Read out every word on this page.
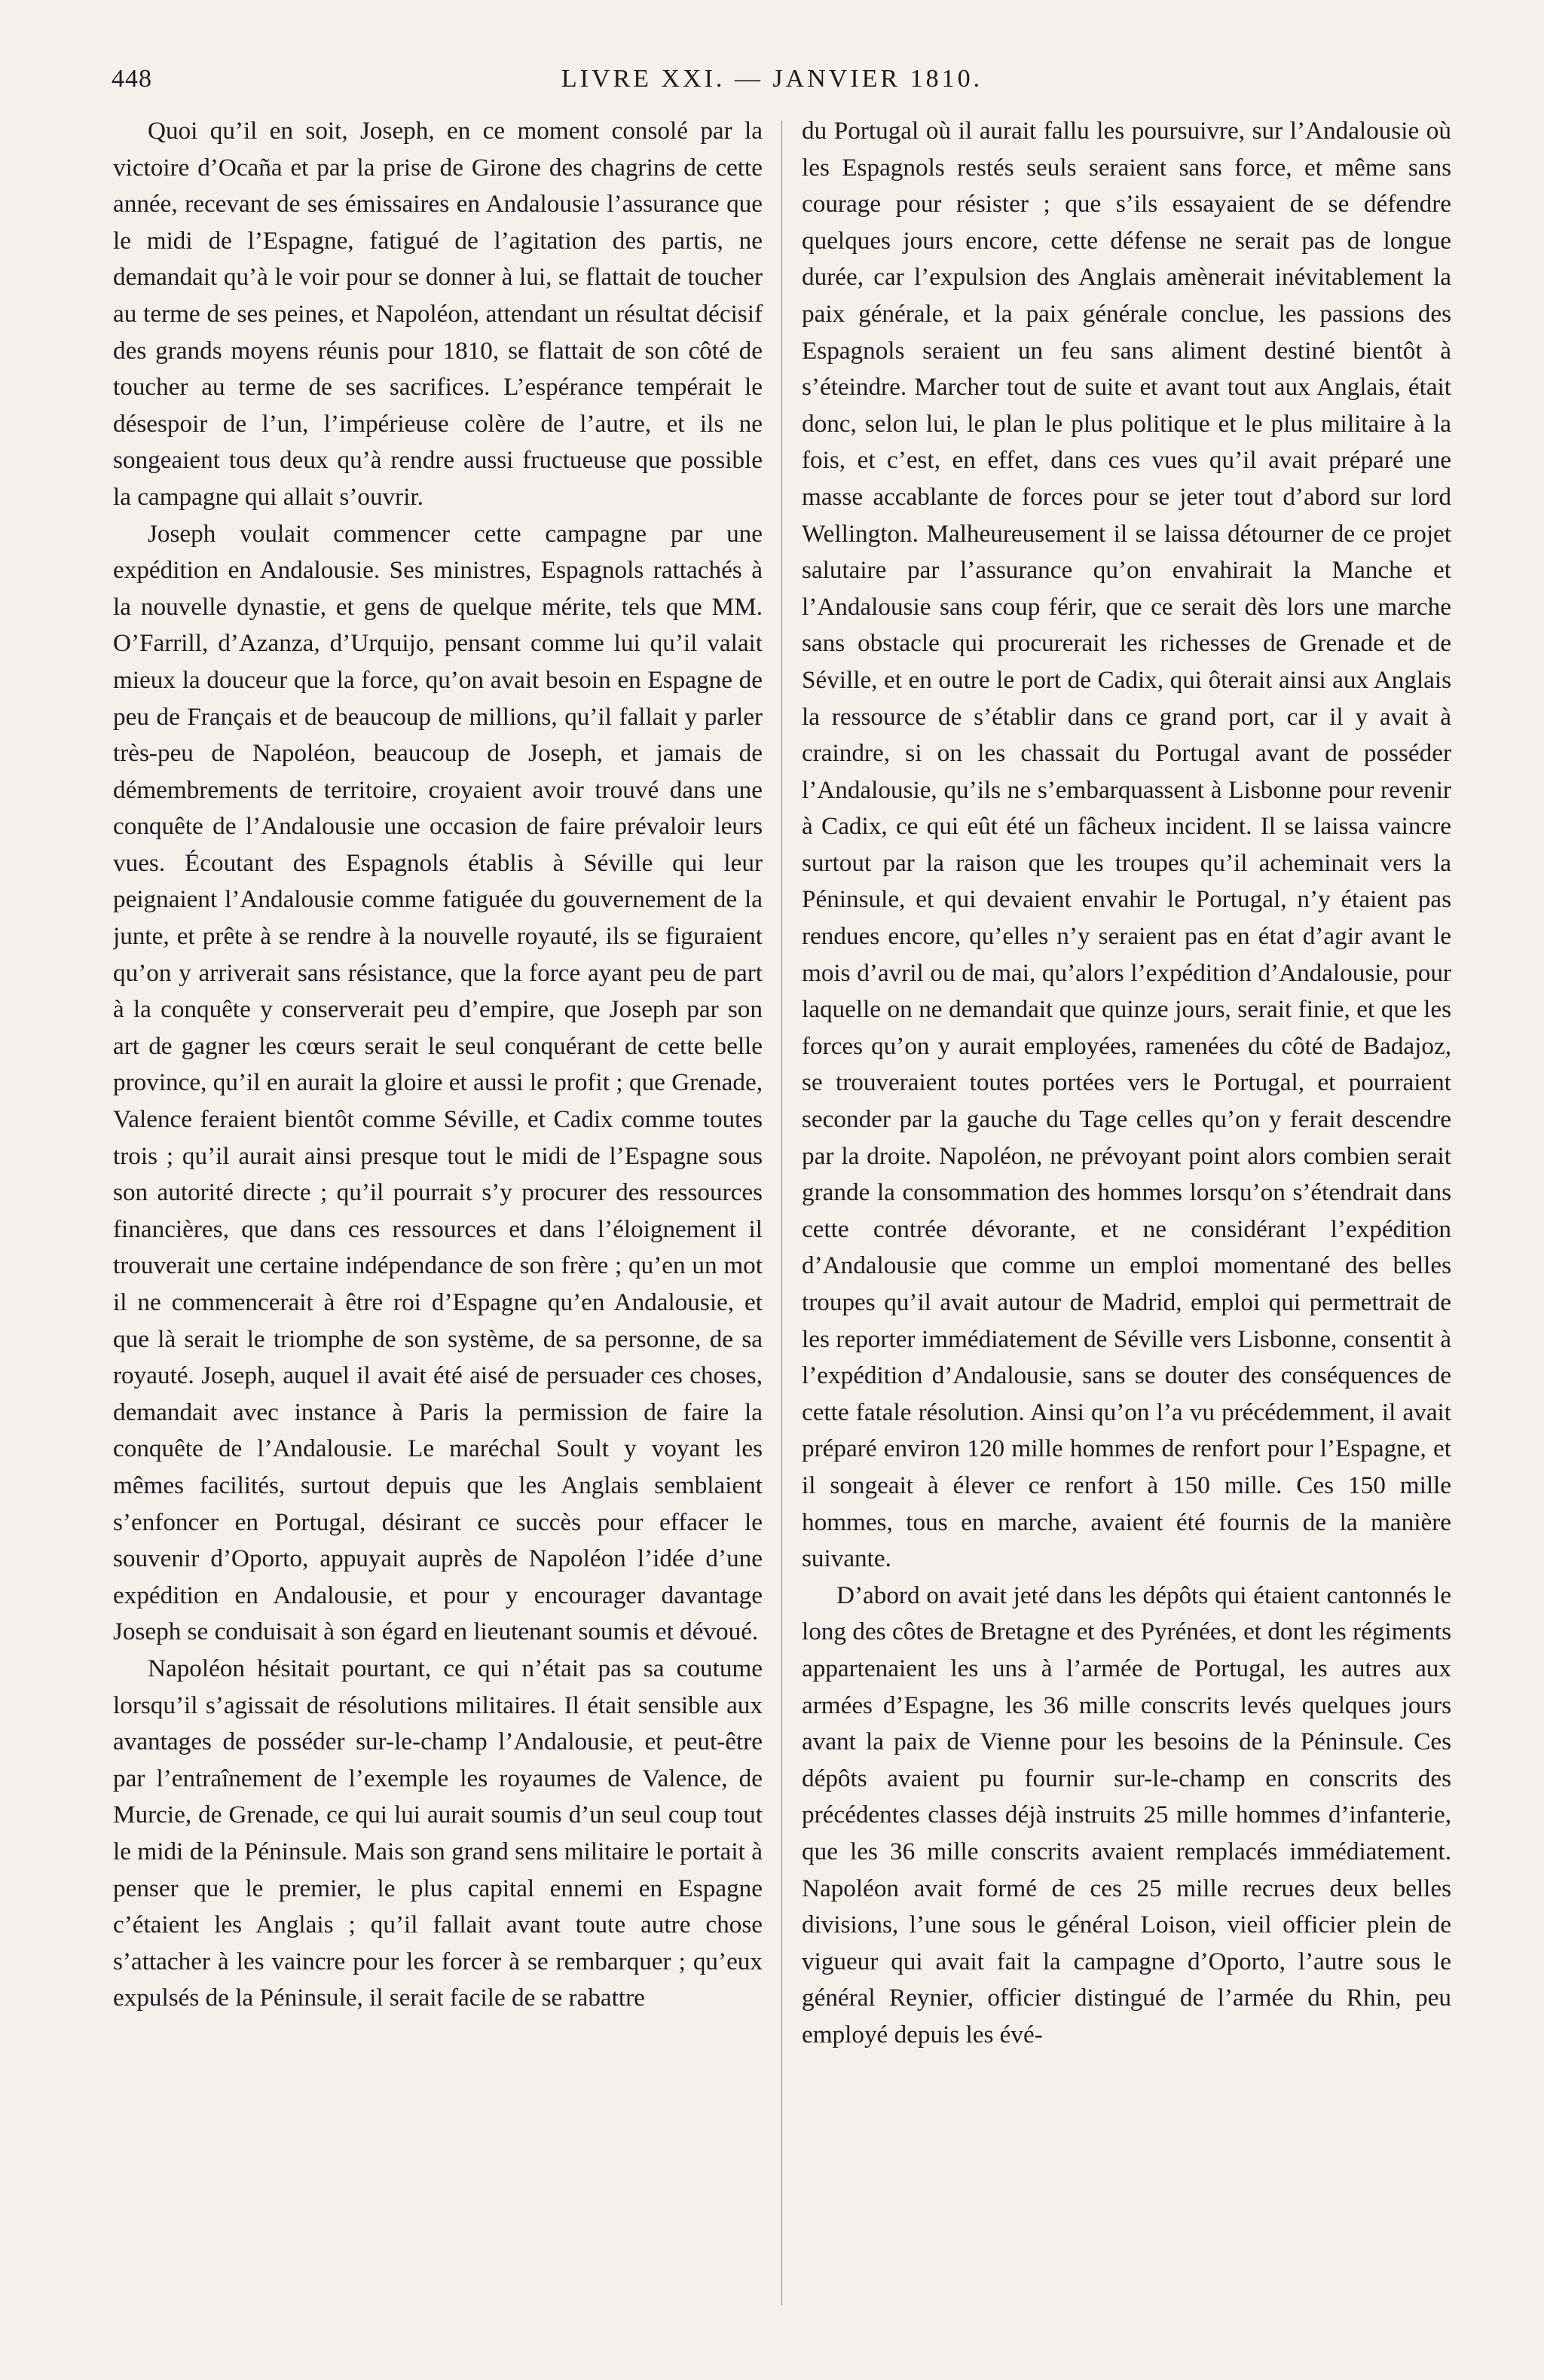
448	LIVRE XXI. — JANVIER 1810.

Quoi qu’il en soit, Joseph, en ce moment consolé par la victoire d’Ocaña et par la prise de Girone des chagrins de cette année, recevant de ses émissaires en Andalousie l’assurance que le midi de l’Espagne, fatigué de l’agitation des partis, ne demandait qu’à le voir pour se donner à lui, se flattait de toucher au terme de ses peines, et Napoléon, attendant un résultat décisif des grands moyens réunis pour 1810, se flattait de son côté de toucher au terme de ses sacrifices. L’espérance tempérait le désespoir de l’un, l’impérieuse colère de l’autre, et ils ne songeaient tous deux qu’à rendre aussi fructueuse que possible la campagne qui allait s’ouvrir.

Joseph voulait commencer cette campagne par une expédition en Andalousie. Ses ministres, Espagnols rattachés à la nouvelle dynastie, et gens de quelque mérite, tels que MM. O’Farrill, d’Azanza, d’Urquijo, pensant comme lui qu’il valait mieux la douceur que la force, qu’on avait besoin en Espagne de peu de Français et de beaucoup de millions, qu’il fallait y parler très-peu de Napoléon, beaucoup de Joseph, et jamais de démembrements de territoire, croyaient avoir trouvé dans une conquête de l’Andalousie une occasion de faire prévaloir leurs vues. Écoutant des Espagnols établis à Séville qui leur peignaient l’Andalousie comme fatiguée du gouvernement de la junte, et prête à se rendre à la nouvelle royauté, ils se figuraient qu’on y arriverait sans résistance, que la force ayant peu de part à la conquête y conserverait peu d’empire, que Joseph par son art de gagner les cœurs serait le seul conquérant de cette belle province, qu’il en aurait la gloire et aussi le profit ; que Grenade, Valence feraient bientôt comme Séville, et Cadix comme toutes trois ; qu’il aurait ainsi presque tout le midi de l’Espagne sous son autorité directe ; qu’il pourrait s’y procurer des ressources financières, que dans ces ressources et dans l’éloignement il trouverait une certaine indépendance de son frère ; qu’en un mot il ne commencerait à être roi d’Espagne qu’en Andalousie, et que là serait le triomphe de son système, de sa personne, de sa royauté. Joseph, auquel il avait été aisé de persuader ces choses, demandait avec instance à Paris la permission de faire la conquête de l’Andalousie. Le maréchal Soult y voyant les mêmes facilités, surtout depuis que les Anglais semblaient s’enfoncer en Portugal, désirant ce succès pour effacer le souvenir d’Oporto, appuyait auprès de Napoléon l’idée d’une expédition en Andalousie, et pour y encourager davantage Joseph se conduisait à son égard en lieutenant soumis et dévoué.

Napoléon hésitait pourtant, ce qui n’était pas sa coutume lorsqu’il s’agissait de résolutions militaires. Il était sensible aux avantages de posséder sur-le-champ l’Andalousie, et peut-être par l’entraînement de l’exemple les royaumes de Valence, de Murcie, de Grenade, ce qui lui aurait soumis d’un seul coup tout le midi de la Péninsule. Mais son grand sens militaire le portait à penser que le premier, le plus capital ennemi en Espagne c’étaient les Anglais ; qu’il fallait avant toute autre chose s’attacher à les vaincre pour les forcer à se rembarquer ; qu’eux expulsés de la Péninsule, il serait facile de se rabattre

du Portugal où il aurait fallu les poursuivre, sur l’Andalousie où les Espagnols restés seuls seraient sans force, et même sans courage pour résister ; que s’ils essayaient de se défendre quelques jours encore, cette défense ne serait pas de longue durée, car l’expulsion des Anglais amènerait inévitablement la paix générale, et la paix générale conclue, les passions des Espagnols seraient un feu sans aliment destiné bientôt à s’éteindre. Marcher tout de suite et avant tout aux Anglais, était donc, selon lui, le plan le plus politique et le plus militaire à la fois, et c’est, en effet, dans ces vues qu’il avait préparé une masse accablante de forces pour se jeter tout d’abord sur lord Wellington. Malheureusement il se laissa détourner de ce projet salutaire par l’assurance qu’on envahirait la Manche et l’Andalousie sans coup férir, que ce serait dès lors une marche sans obstacle qui procurerait les richesses de Grenade et de Séville, et en outre le port de Cadix, qui ôterait ainsi aux Anglais la ressource de s’établir dans ce grand port, car il y avait à craindre, si on les chassait du Portugal avant de posséder l’Andalousie, qu’ils ne s’embarquassent à Lisbonne pour revenir à Cadix, ce qui eût été un fâcheux incident. Il se laissa vaincre surtout par la raison que les troupes qu’il acheminait vers la Péninsule, et qui devaient envahir le Portugal, n’y étaient pas rendues encore, qu’elles n’y seraient pas en état d’agir avant le mois d’avril ou de mai, qu’alors l’expédition d’Andalousie, pour laquelle on ne demandait que quinze jours, serait finie, et que les forces qu’on y aurait employées, ramenées du côté de Badajoz, se trouveraient toutes portées vers le Portugal, et pourraient seconder par la gauche du Tage celles qu’on y ferait descendre par la droite. Napoléon, ne prévoyant point alors combien serait grande la consommation des hommes lorsqu’on s’étendrait dans cette contrée dévorante, et ne considérant l’expédition d’Andalousie que comme un emploi momentané des belles troupes qu’il avait autour de Madrid, emploi qui permettrait de les reporter immédiatement de Séville vers Lisbonne, consentit à l’expédition d’Andalousie, sans se douter des conséquences de cette fatale résolution. Ainsi qu’on l’a vu précédemment, il avait préparé environ 120 mille hommes de renfort pour l’Espagne, et il songeait à élever ce renfort à 150 mille. Ces 150 mille hommes, tous en marche, avaient été fournis de la manière suivante.

D’abord on avait jeté dans les dépôts qui étaient cantonnés le long des côtes de Bretagne et des Pyrénées, et dont les régiments appartenaient les uns à l’armée de Portugal, les autres aux armées d’Espagne, les 36 mille conscrits levés quelques jours avant la paix de Vienne pour les besoins de la Péninsule. Ces dépôts avaient pu fournir sur-le-champ en conscrits des précédentes classes déjà instruits 25 mille hommes d’infanterie, que les 36 mille conscrits avaient remplacés immédiatement. Napoléon avait formé de ces 25 mille recrues deux belles divisions, l’une sous le général Loison, vieil officier plein de vigueur qui avait fait la campagne d’Oporto, l’autre sous le général Reynier, officier distingué de l’armée du Rhin, peu employé depuis les évé-
